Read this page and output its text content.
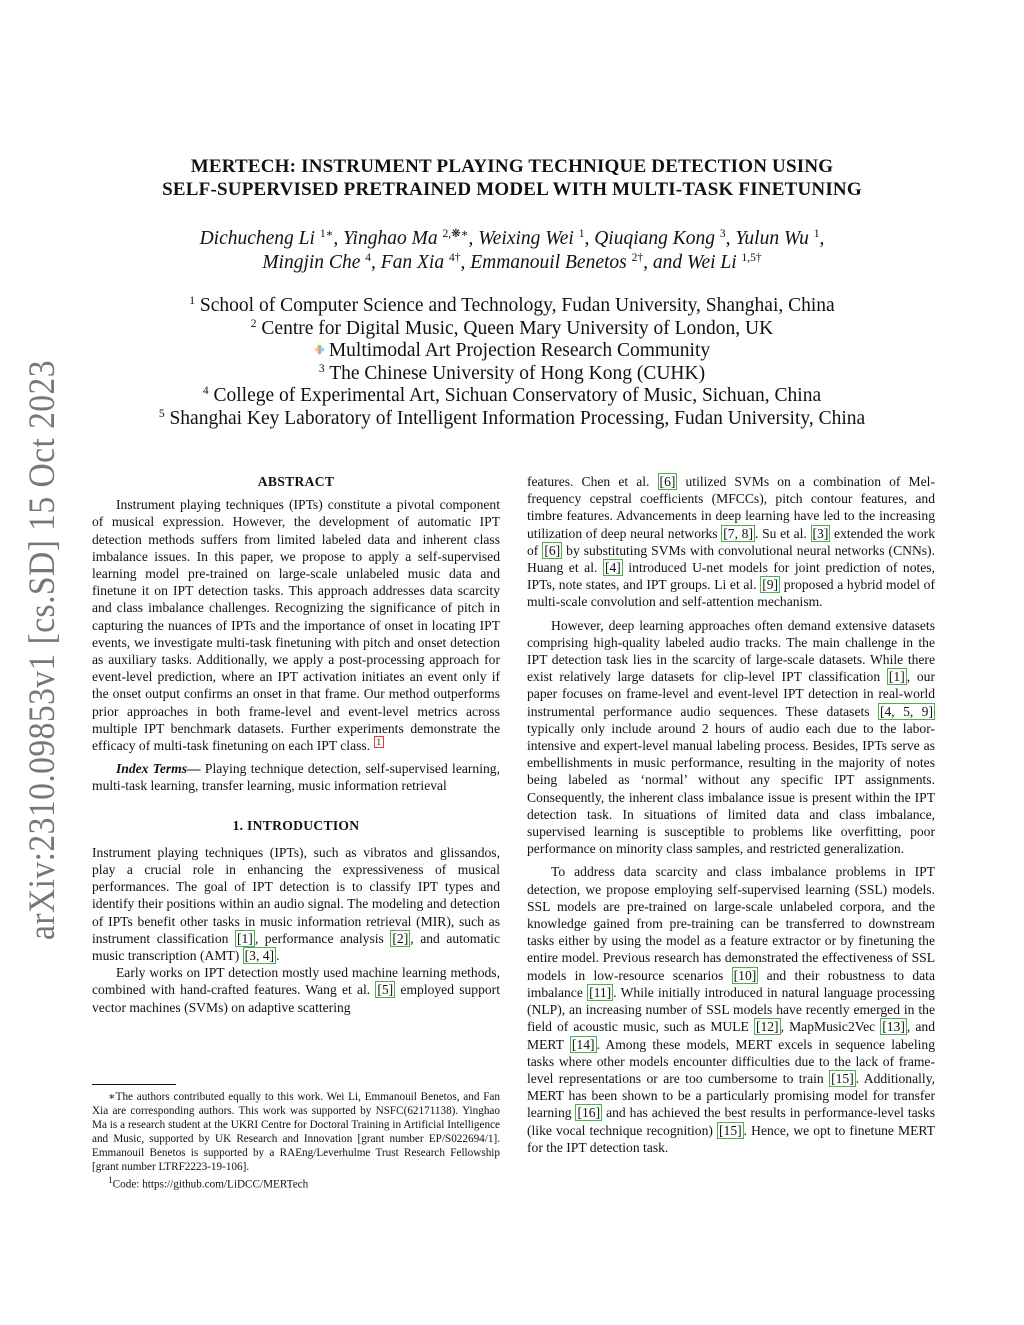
arXiv:2310.09853v1 [cs.SD] 15 Oct 2023
MERTECH: INSTRUMENT PLAYING TECHNIQUE DETECTION USING
SELF-SUPERVISED PRETRAINED MODEL WITH MULTI-TASK FINETUNING
Dichucheng Li $^{1∗}$, Yinghao Ma $^{2,❋∗}$, Weixing Wei $^1$, Qiuqiang Kong $^3$, Yulun Wu $^1$,
Mingjin Che $^4$, Fan Xia $^{4\dagger}$, Emmanouil Benetos $^{2\dagger}$, and Wei Li $^{1,5\dagger}$
$^1$ School of Computer Science and Technology, Fudan University, Shanghai, China
$^2$ Centre for Digital Music, Queen Mary University of London, UK
Multimodal Art Projection Research Community
$^3$ The Chinese University of Hong Kong (CUHK)
$^4$ College of Experimental Art, Sichuan Conservatory of Music, Sichuan, China
$^5$ Shanghai Key Laboratory of Intelligent Information Processing, Fudan University, China

ABSTRACT

Instrument playing techniques (IPTs) constitute a pivotal component of musical expression. However, the development of automatic IPT detection methods suffers from limited labeled data and inherent class imbalance issues. In this paper, we propose to apply a self-supervised learning model pre-trained on large-scale unlabeled music data and finetune it on IPT detection tasks. This approach addresses data scarcity and class imbalance challenges. Recognizing the significance of pitch in capturing the nuances of IPTs and the importance of onset in locating IPT events, we investigate multi-task finetuning with pitch and onset detection as auxiliary tasks. Additionally, we apply a post-processing approach for event-level prediction, where an IPT activation initiates an event only if the onset output confirms an onset in that frame. Our method outperforms prior approaches in both frame-level and event-level metrics across multiple IPT benchmark datasets. Further experiments demonstrate the efficacy of multi-task finetuning on each IPT class. $^1$

Index Terms— Playing technique detection, self-supervised learning, multi-task learning, transfer learning, music information retrieval

1. INTRODUCTION

Instrument playing techniques (IPTs), such as vibratos and glissandos, play a crucial role in enhancing the expressiveness of musical performances. The goal of IPT detection is to classify IPT types and identify their positions within an audio signal. The modeling and detection of IPTs benefit other tasks in music information retrieval (MIR), such as instrument classification [1] , performance analysis [2] , and automatic music transcription (AMT) [3, 4] .

Early works on IPT detection mostly used machine learning methods, combined with hand-crafted features. Wang et al. [5] employed support vector machines (SVMs) on adaptive scattering

∗The authors contributed equally to this work. Wei Li, Emmanouil Benetos, and Fan Xia are corresponding authors. This work was supported by NSFC(62171138). Yinghao Ma is a research student at the UKRI Centre for Doctoral Training in Artificial Intelligence and Music, supported by UK Research and Innovation [grant number EP/S022694/1]. Emmanouil Benetos is supported by a RAEng/Leverhulme Trust Research Fellowship [grant number LTRF2223-19-106].

$^1$Code: https://github.com/LiDCC/MERTech

features. Chen et al. [6] utilized SVMs on a combination of Mel-frequency cepstral coefficients (MFCCs), pitch contour features, and timbre features. Advancements in deep learning have led to the increasing utilization of deep neural networks [7, 8] . Su et al. [3] extended the work of [6] by substituting SVMs with convolutional neural networks (CNNs). Huang et al. [4] introduced U-net models for joint prediction of notes, IPTs, note states, and IPT groups. Li et al. [9] proposed a hybrid model of multi-scale convolution and self-attention mechanism.

However, deep learning approaches often demand extensive datasets comprising high-quality labeled audio tracks. The main challenge in the IPT detection task lies in the scarcity of large-scale datasets. While there exist relatively large datasets for clip-level IPT classification [1] , our paper focuses on frame-level and event-level IPT detection in real-world instrumental performance audio sequences. These datasets [4, 5, 9] typically only include around 2 hours of audio each due to the labor-intensive and expert-level manual labeling process. Besides, IPTs serve as embellishments in music performance, resulting in the majority of notes being labeled as ‘normal’ without any specific IPT assignments. Consequently, the inherent class imbalance issue is present within the IPT detection task. In situations of limited data and class imbalance, supervised learning is susceptible to problems like overfitting, poor performance on minority class samples, and restricted generalization.

To address data scarcity and class imbalance problems in IPT detection, we propose employing self-supervised learning (SSL) models. SSL models are pre-trained on large-scale unlabeled corpora, and the knowledge gained from pre-training can be transferred to downstream tasks either by using the model as a feature extractor or by finetuning the entire model. Previous research has demonstrated the effectiveness of SSL models in low-resource scenarios [10] and their robustness to data imbalance [11] . While initially introduced in natural language processing (NLP), an increasing number of SSL models have recently emerged in the field of acoustic music, such as MULE [12] , MapMusic2Vec [13] , and MERT [14] . Among these models, MERT excels in sequence labeling tasks where other models encounter difficulties due to the lack of frame-level representations or are too cumbersome to train [15] . Additionally, MERT has been shown to be a particularly promising model for transfer learning [16] and has achieved the best results in performance-level tasks (like vocal technique recognition) [15] . Hence, we opt to finetune MERT for the IPT detection task.
